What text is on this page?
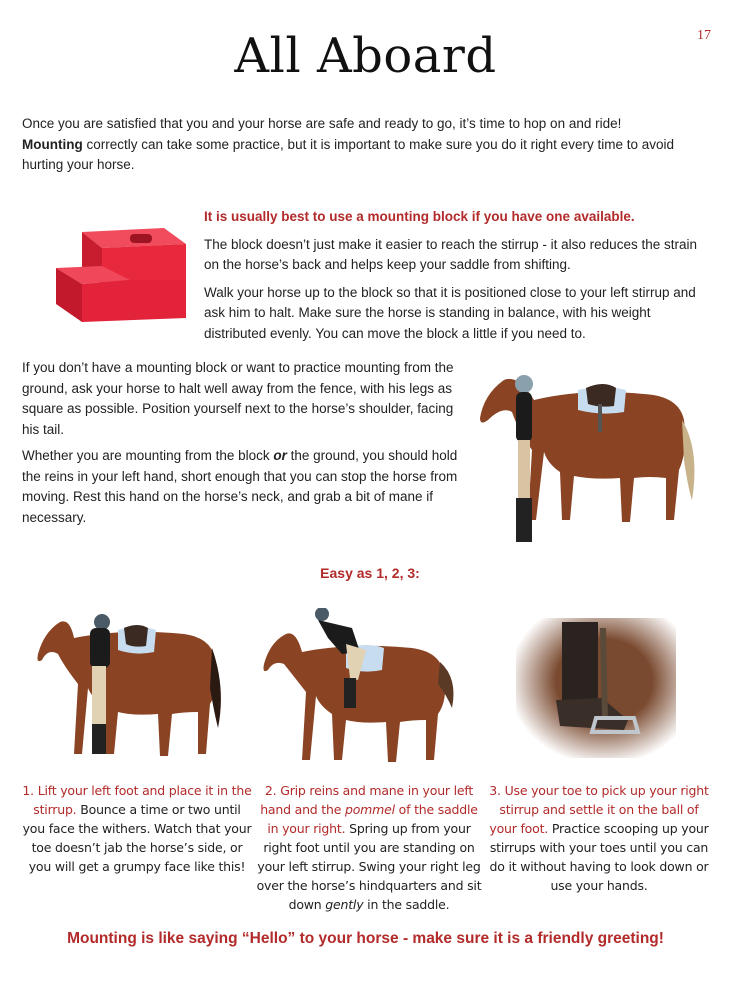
17
All Aboard
Once you are satisfied that you and your horse are safe and ready to go, it’s time to hop on and ride!
Mounting correctly can take some practice, but it is important to make sure you do it right every time to avoid hurting your horse.

It is usually best to use a mounting block if you have one available.

The block doesn’t just make it easier to reach the stirrup - it also reduces the strain on the horse’s back and helps keep your saddle from shifting.

Walk your horse up to the block so that it is positioned close to your left stirrup and ask him to halt. Make sure the horse is standing in balance, with his weight distributed evenly. You can move the block a little if you need to.

If you don’t have a mounting block or want to practice mounting from the ground, ask your horse to halt well away from the fence, with his legs as square as possible. Position yourself next to the horse’s shoulder, facing his tail.

Whether you are mounting from the block or the ground, you should hold the reins in your left hand, short enough that you can stop the horse from moving. Rest this hand on the horse’s neck, and grab a bit of mane if necessary.

Easy as 1, 2, 3:
1. Lift your left foot and place it in the stirrup. Bounce a time or two until you face the withers. Watch that your toe doesn’t jab the horse’s side, or you will get a grumpy face like this!
2. Grip reins and mane in your left hand and the pommel of the saddle in your right. Spring up from your right foot until you are standing on your left stirrup. Swing your right leg over the horse’s hindquarters and sit down gently in the saddle.
3. Use your toe to pick up your right stirrup and settle it on the ball of your foot. Practice scooping up your stirrups with your toes until you can do it without having to look down or use your hands.
Mounting is like saying “Hello” to your horse - make sure it is a friendly greeting!
